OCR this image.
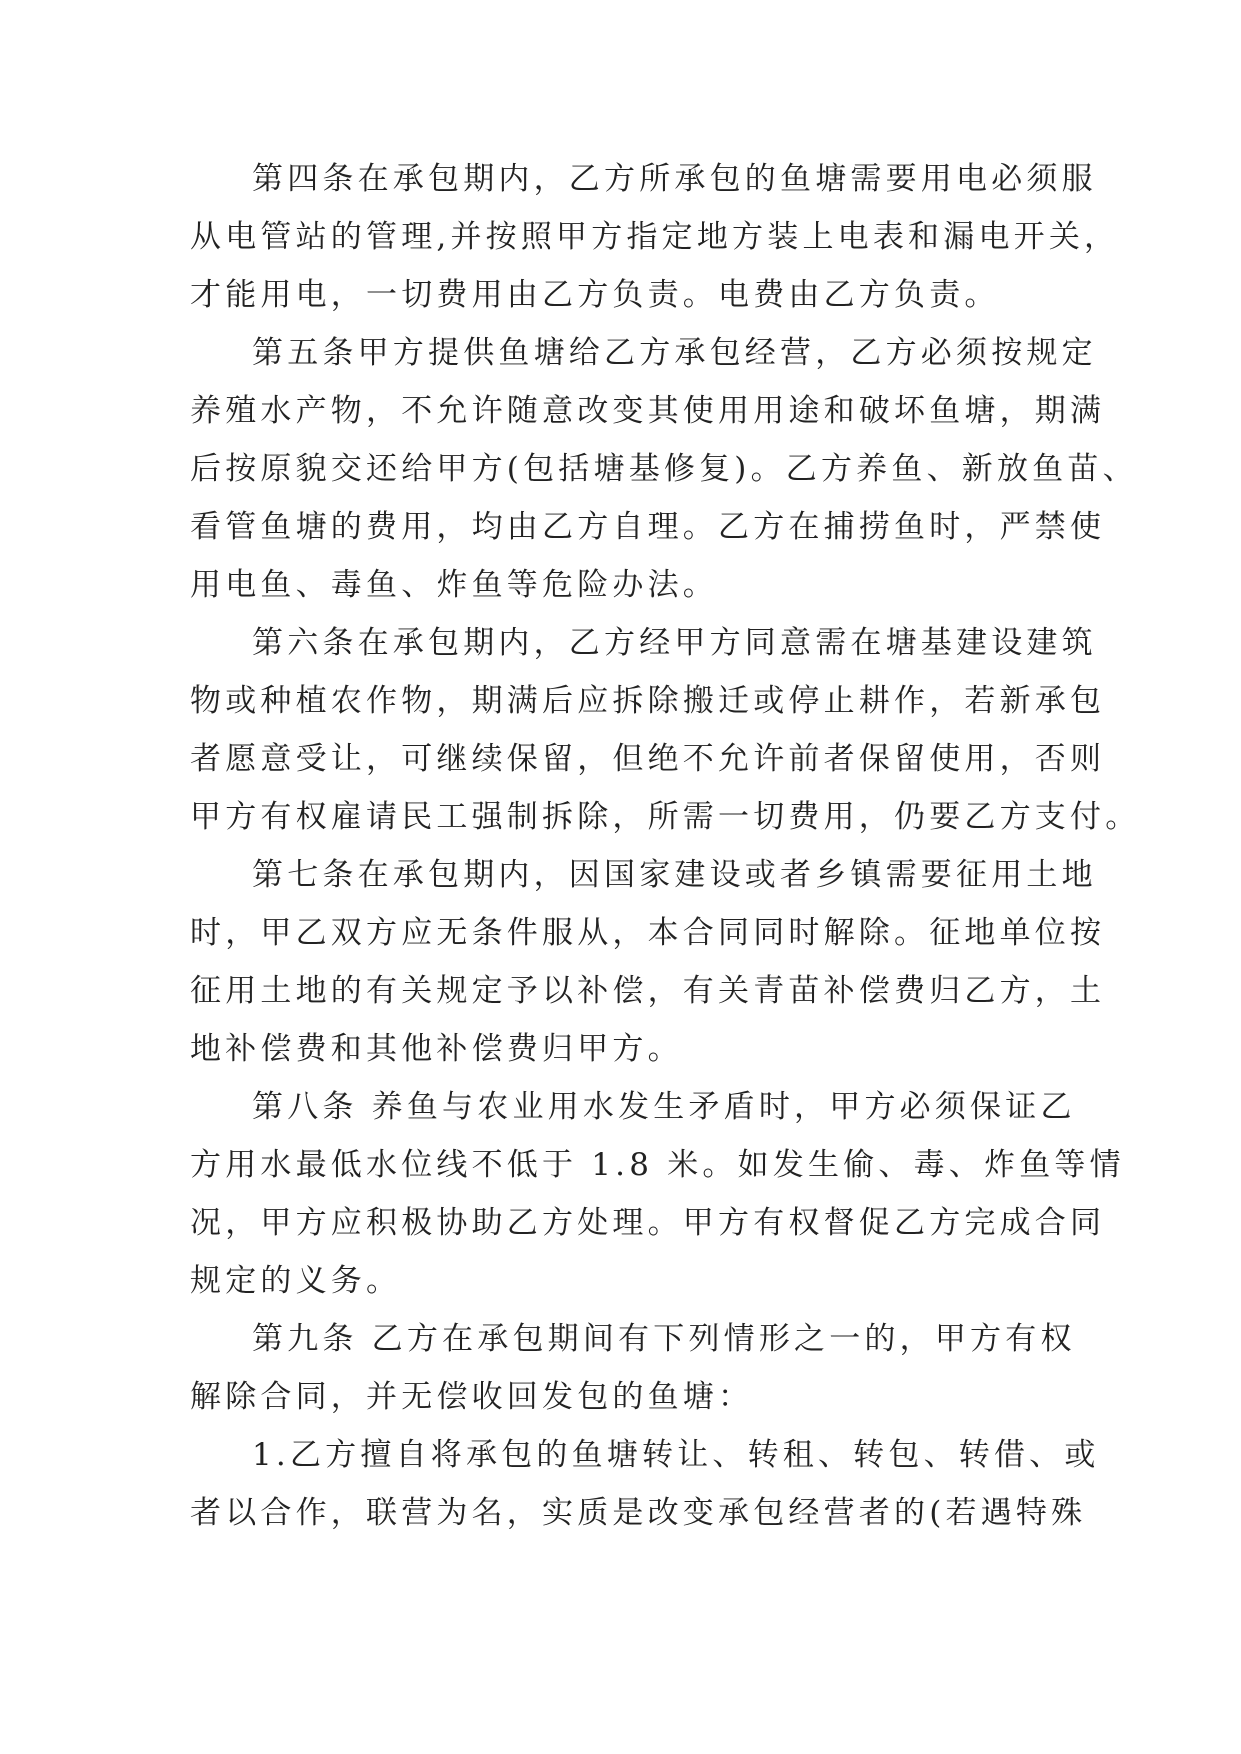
第四条在承包期内，乙方所承包的鱼塘需要用电必须服
从电管站的管理,并按照甲方指定地方装上电表和漏电开关，
才能用电，一切费用由乙方负责。电费由乙方负责。
第五条甲方提供鱼塘给乙方承包经营，乙方必须按规定
养殖水产物，不允许随意改变其使用用途和破坏鱼塘，期满
后按原貌交还给甲方(包括塘基修复)。乙方养鱼、新放鱼苗、
看管鱼塘的费用，均由乙方自理。乙方在捕捞鱼时，严禁使
用电鱼、毒鱼、炸鱼等危险办法。
第六条在承包期内，乙方经甲方同意需在塘基建设建筑
物或种植农作物，期满后应拆除搬迁或停止耕作，若新承包
者愿意受让，可继续保留，但绝不允许前者保留使用，否则
甲方有权雇请民工强制拆除，所需一切费用，仍要乙方支付。
第七条在承包期内，因国家建设或者乡镇需要征用土地
时，甲乙双方应无条件服从，本合同同时解除。征地单位按
征用土地的有关规定予以补偿，有关青苗补偿费归乙方，土
地补偿费和其他补偿费归甲方。
第八条 养鱼与农业用水发生矛盾时，甲方必须保证乙
方用水最低水位线不低于 1.8 米。如发生偷、毒、炸鱼等情
况，甲方应积极协助乙方处理。甲方有权督促乙方完成合同
规定的义务。
第九条 乙方在承包期间有下列情形之一的，甲方有权
解除合同，并无偿收回发包的鱼塘：
1.乙方擅自将承包的鱼塘转让、转租、转包、转借、或
者以合作，联营为名，实质是改变承包经营者的(若遇特殊
